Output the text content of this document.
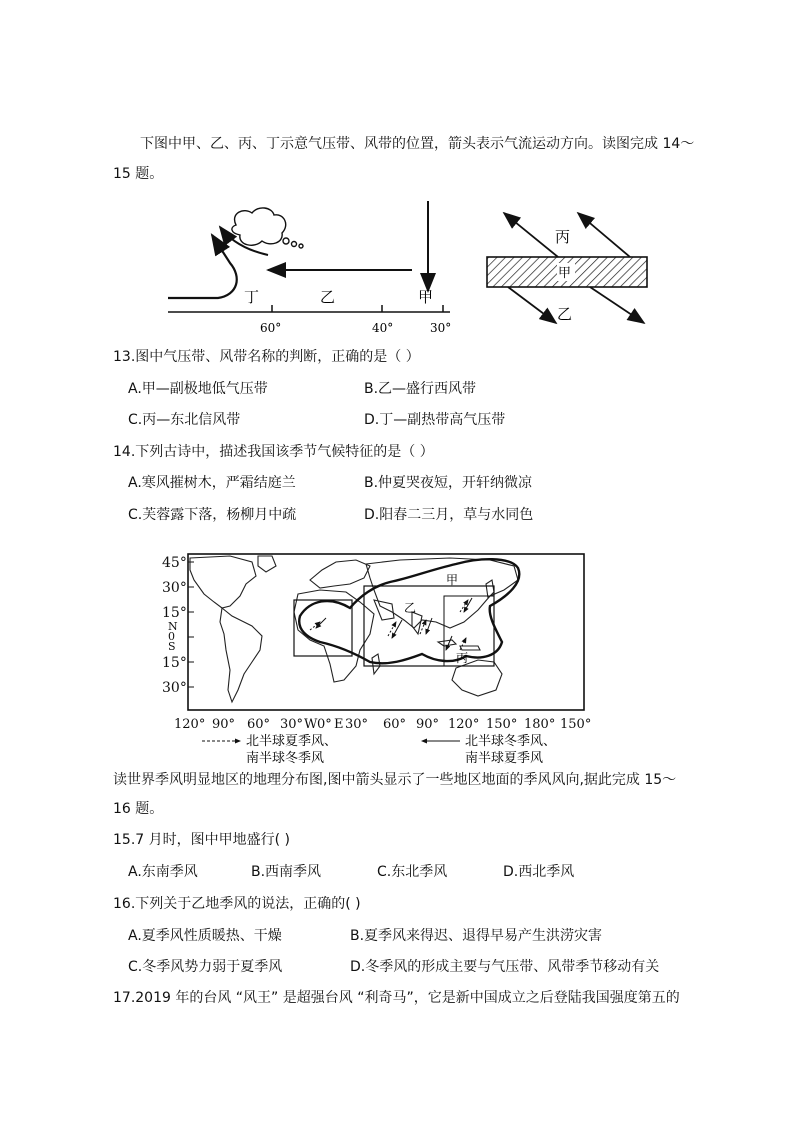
下图中甲、乙、丙、丁示意气压带、风带的位置，箭头表示气流运动方向。读图完成 14～
15 题。
丁	乙	甲
60°	40°	30°
甲
丙
乙
13.图中气压带、风带名称的判断，正确的是（ ）
A.甲—副极地低气压带	B.乙—盛行西风带
C.丙—东北信风带	D.丁—副热带高气压带
14.下列古诗中，描述我国该季节气候特征的是（ ）
A.寒风摧树木，严霜结庭兰	B.仲夏哭夜短，开轩纳微凉
C.芙蓉露下落，杨柳月中疏	D.阳春二三月，草与水同色
45°
30°
15°
N
0
S
15°
30°
甲
乙
丙
120° 90° 60° 30° W 0° E 30° 60° 90° 120° 150° 180° 150°
北半球夏季风、
南半球冬季风
北半球冬季风、
南半球夏季风
读世界季风明显地区的地理分布图,图中箭头显示了一些地区地面的季风风向,据此完成 15～
16 题。
15.7 月时，图中甲地盛行( )
A.东南季风	B.西南季风	C.东北季风	D.西北季风
16.下列关于乙地季风的说法，正确的( )
A.夏季风性质暖热、干燥	B.夏季风来得迟、退得早易产生洪涝灾害
C.冬季风势力弱于夏季风	D.冬季风的形成主要与气压带、风带季节移动有关
17.2019 年的台风 “风王” 是超强台风 “利奇马”，它是新中国成立之后登陆我国强度第五的
